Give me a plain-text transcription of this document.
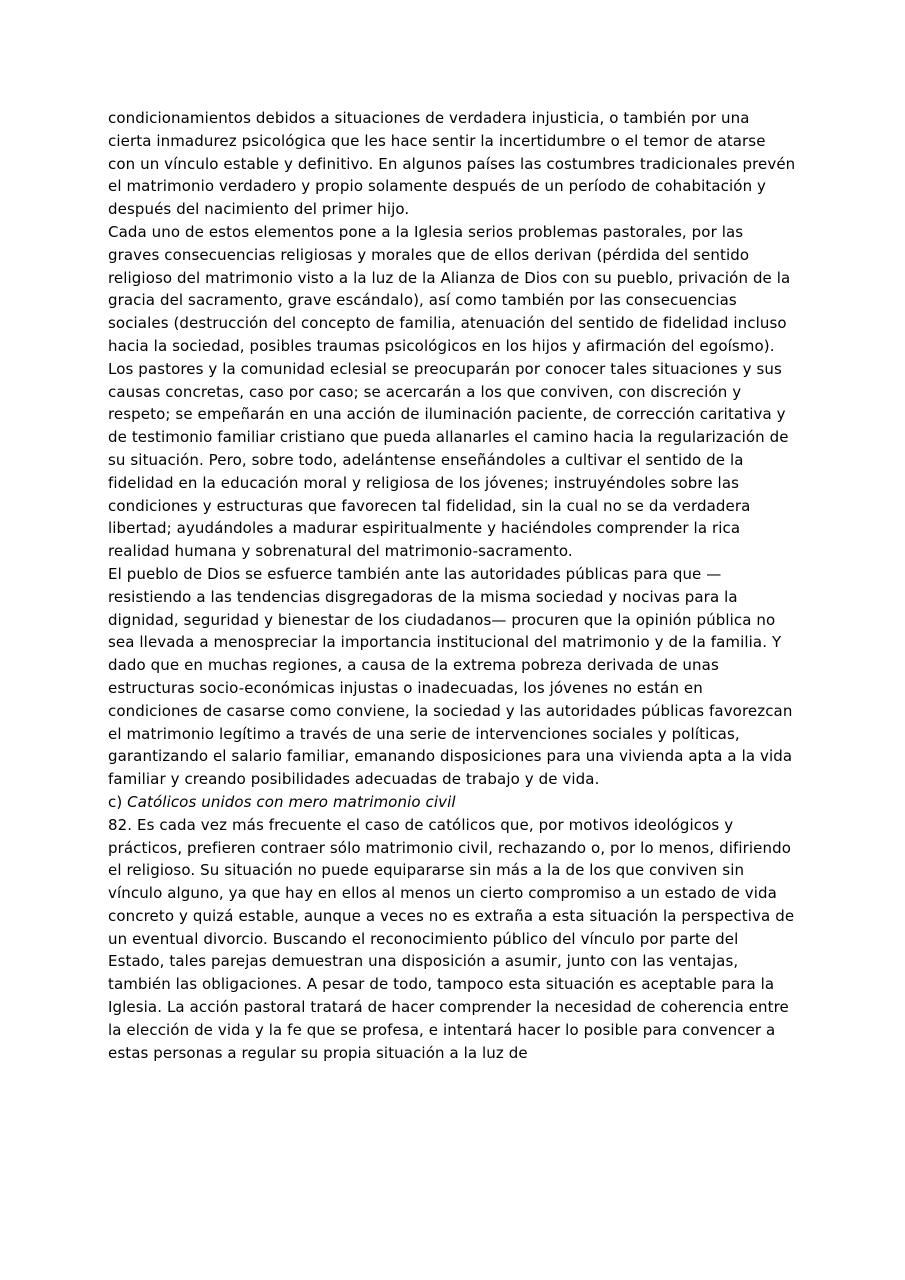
condicionamientos debidos a situaciones de verdadera injusticia, o también por una cierta inmadurez psicológica que les hace sentir la incertidumbre o el temor de atarse con un vínculo estable y definitivo. En algunos países las costumbres tradicionales prevén el matrimonio verdadero y propio solamente después de un período de cohabitación y después del nacimiento del primer hijo.

Cada uno de estos elementos pone a la Iglesia serios problemas pastorales, por las graves consecuencias religiosas y morales que de ellos derivan (pérdida del sentido religioso del matrimonio visto a la luz de la Alianza de Dios con su pueblo, privación de la gracia del sacramento, grave escándalo), así como también por las consecuencias sociales (destrucción del concepto de familia, atenuación del sentido de fidelidad incluso hacia la sociedad, posibles traumas psicológicos en los hijos y afirmación del egoísmo).

Los pastores y la comunidad eclesial se preocuparán por conocer tales situaciones y sus causas concretas, caso por caso; se acercarán a los que conviven, con discreción y respeto; se empeñarán en una acción de iluminación paciente, de corrección caritativa y de testimonio familiar cristiano que pueda allanarles el camino hacia la regularización de su situación. Pero, sobre todo, adelántense enseñándoles a cultivar el sentido de la fidelidad en la educación moral y religiosa de los jóvenes; instruyéndoles sobre las condiciones y estructuras que favorecen tal fidelidad, sin la cual no se da verdadera libertad; ayudándoles a madurar espiritualmente y haciéndoles comprender la rica realidad humana y sobrenatural del matrimonio-sacramento.

El pueblo de Dios se esfuerce también ante las autoridades públicas para que —resistiendo a las tendencias disgregadoras de la misma sociedad y nocivas para la dignidad, seguridad y bienestar de los ciudadanos— procuren que la opinión pública no sea llevada a menospreciar la importancia institucional del matrimonio y de la familia. Y dado que en muchas regiones, a causa de la extrema pobreza derivada de unas estructuras socio-económicas injustas o inadecuadas, los jóvenes no están en condiciones de casarse como conviene, la sociedad y las autoridades públicas favorezcan el matrimonio legítimo a través de una serie de intervenciones sociales y políticas, garantizando el salario familiar, emanando disposiciones para una vivienda apta a la vida familiar y creando posibilidades adecuadas de trabajo y de vida.

c) Católicos unidos con mero matrimonio civil

82. Es cada vez más frecuente el caso de católicos que, por motivos ideológicos y prácticos, prefieren contraer sólo matrimonio civil, rechazando o, por lo menos, difiriendo el religioso. Su situación no puede equipararse sin más a la de los que conviven sin vínculo alguno, ya que hay en ellos al menos un cierto compromiso a un estado de vida concreto y quizá estable, aunque a veces no es extraña a esta situación la perspectiva de un eventual divorcio. Buscando el reconocimiento público del vínculo por parte del Estado, tales parejas demuestran una disposición a asumir, junto con las ventajas, también las obligaciones. A pesar de todo, tampoco esta situación es aceptable para la Iglesia. La acción pastoral tratará de hacer comprender la necesidad de coherencia entre la elección de vida y la fe que se profesa, e intentará hacer lo posible para convencer a estas personas a regular su propia situación a la luz de
